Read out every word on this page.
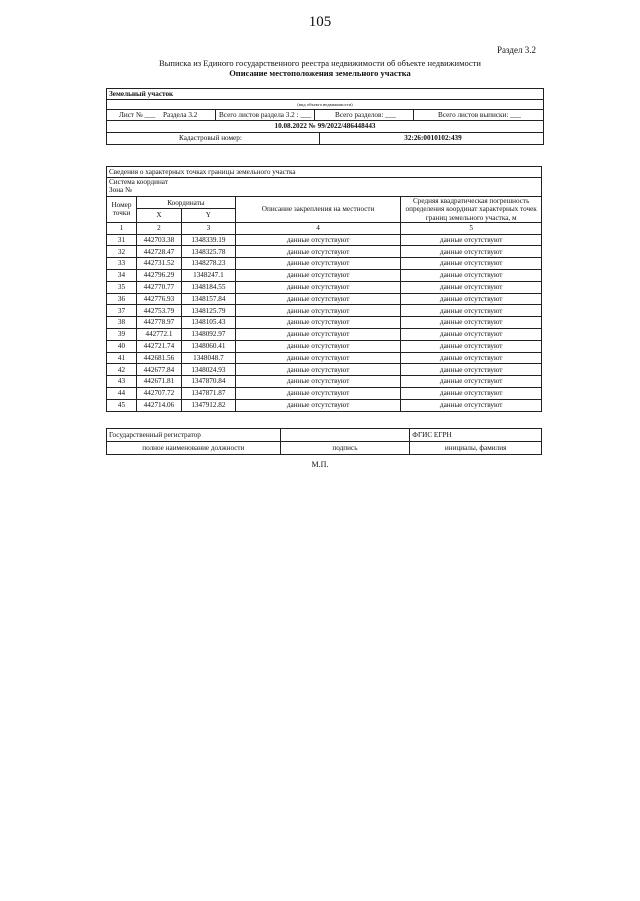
105
Раздел 3.2
Выписка из Единого государственного реестра недвижимости об объекте недвижимости
Описание местоположения земельного участка
Земельный участок
(вид объекта недвижимости)
Лист № ___	Раздела 3.2	Всего листов раздела 3.2 : ___	Всего разделов: ___	Всего листов выписки: ___
10.08.2022 № 99/2022/486448443
Кадастровый номер:	32:26:0010102:439
Сведения о характерных точках границы земельного участка				

Система координат
Зона №				

Номер точки	Координаты		Описание закрепления на местности	Средняя квадратическая погрешность определения координат характерных точек границ земельного участка, м
	X	Y		
1	2	3	4	5
31	442703.38	1348339.19	данные отсутствуют	данные отсутствуют
32	442728.47	1348325.78	данные отсутствуют	данные отсутствуют
33	442731.52	1348278.23	данные отсутствуют	данные отсутствуют
34	442796.29	1348247.1	данные отсутствуют	данные отсутствуют
35	442770.77	1348184.55	данные отсутствуют	данные отсутствуют
36	442776.93	1348157.84	данные отсутствуют	данные отсутствуют
37	442753.79	1348125.79	данные отсутствуют	данные отсутствуют
38	442778.97	1348105.43	данные отсутствуют	данные отсутствуют
39	442772.1	1348092.97	данные отсутствуют	данные отсутствуют
40	442721.74	1348060.41	данные отсутствуют	данные отсутствуют
41	442681.56	1348048.7	данные отсутствуют	данные отсутствуют
42	442677.84	1348024.93	данные отсутствуют	данные отсутствуют
43	442671.81	1347870.84	данные отсутствуют	данные отсутствуют
44	442707.72	1347871.87	данные отсутствуют	данные отсутствуют
45	442714.06	1347912.82	данные отсутствуют	данные отсутствуют
Государственный регистратор		ФГИС ЕГРН
полное наименование должности	подпись	инициалы, фамилия
М.П.
